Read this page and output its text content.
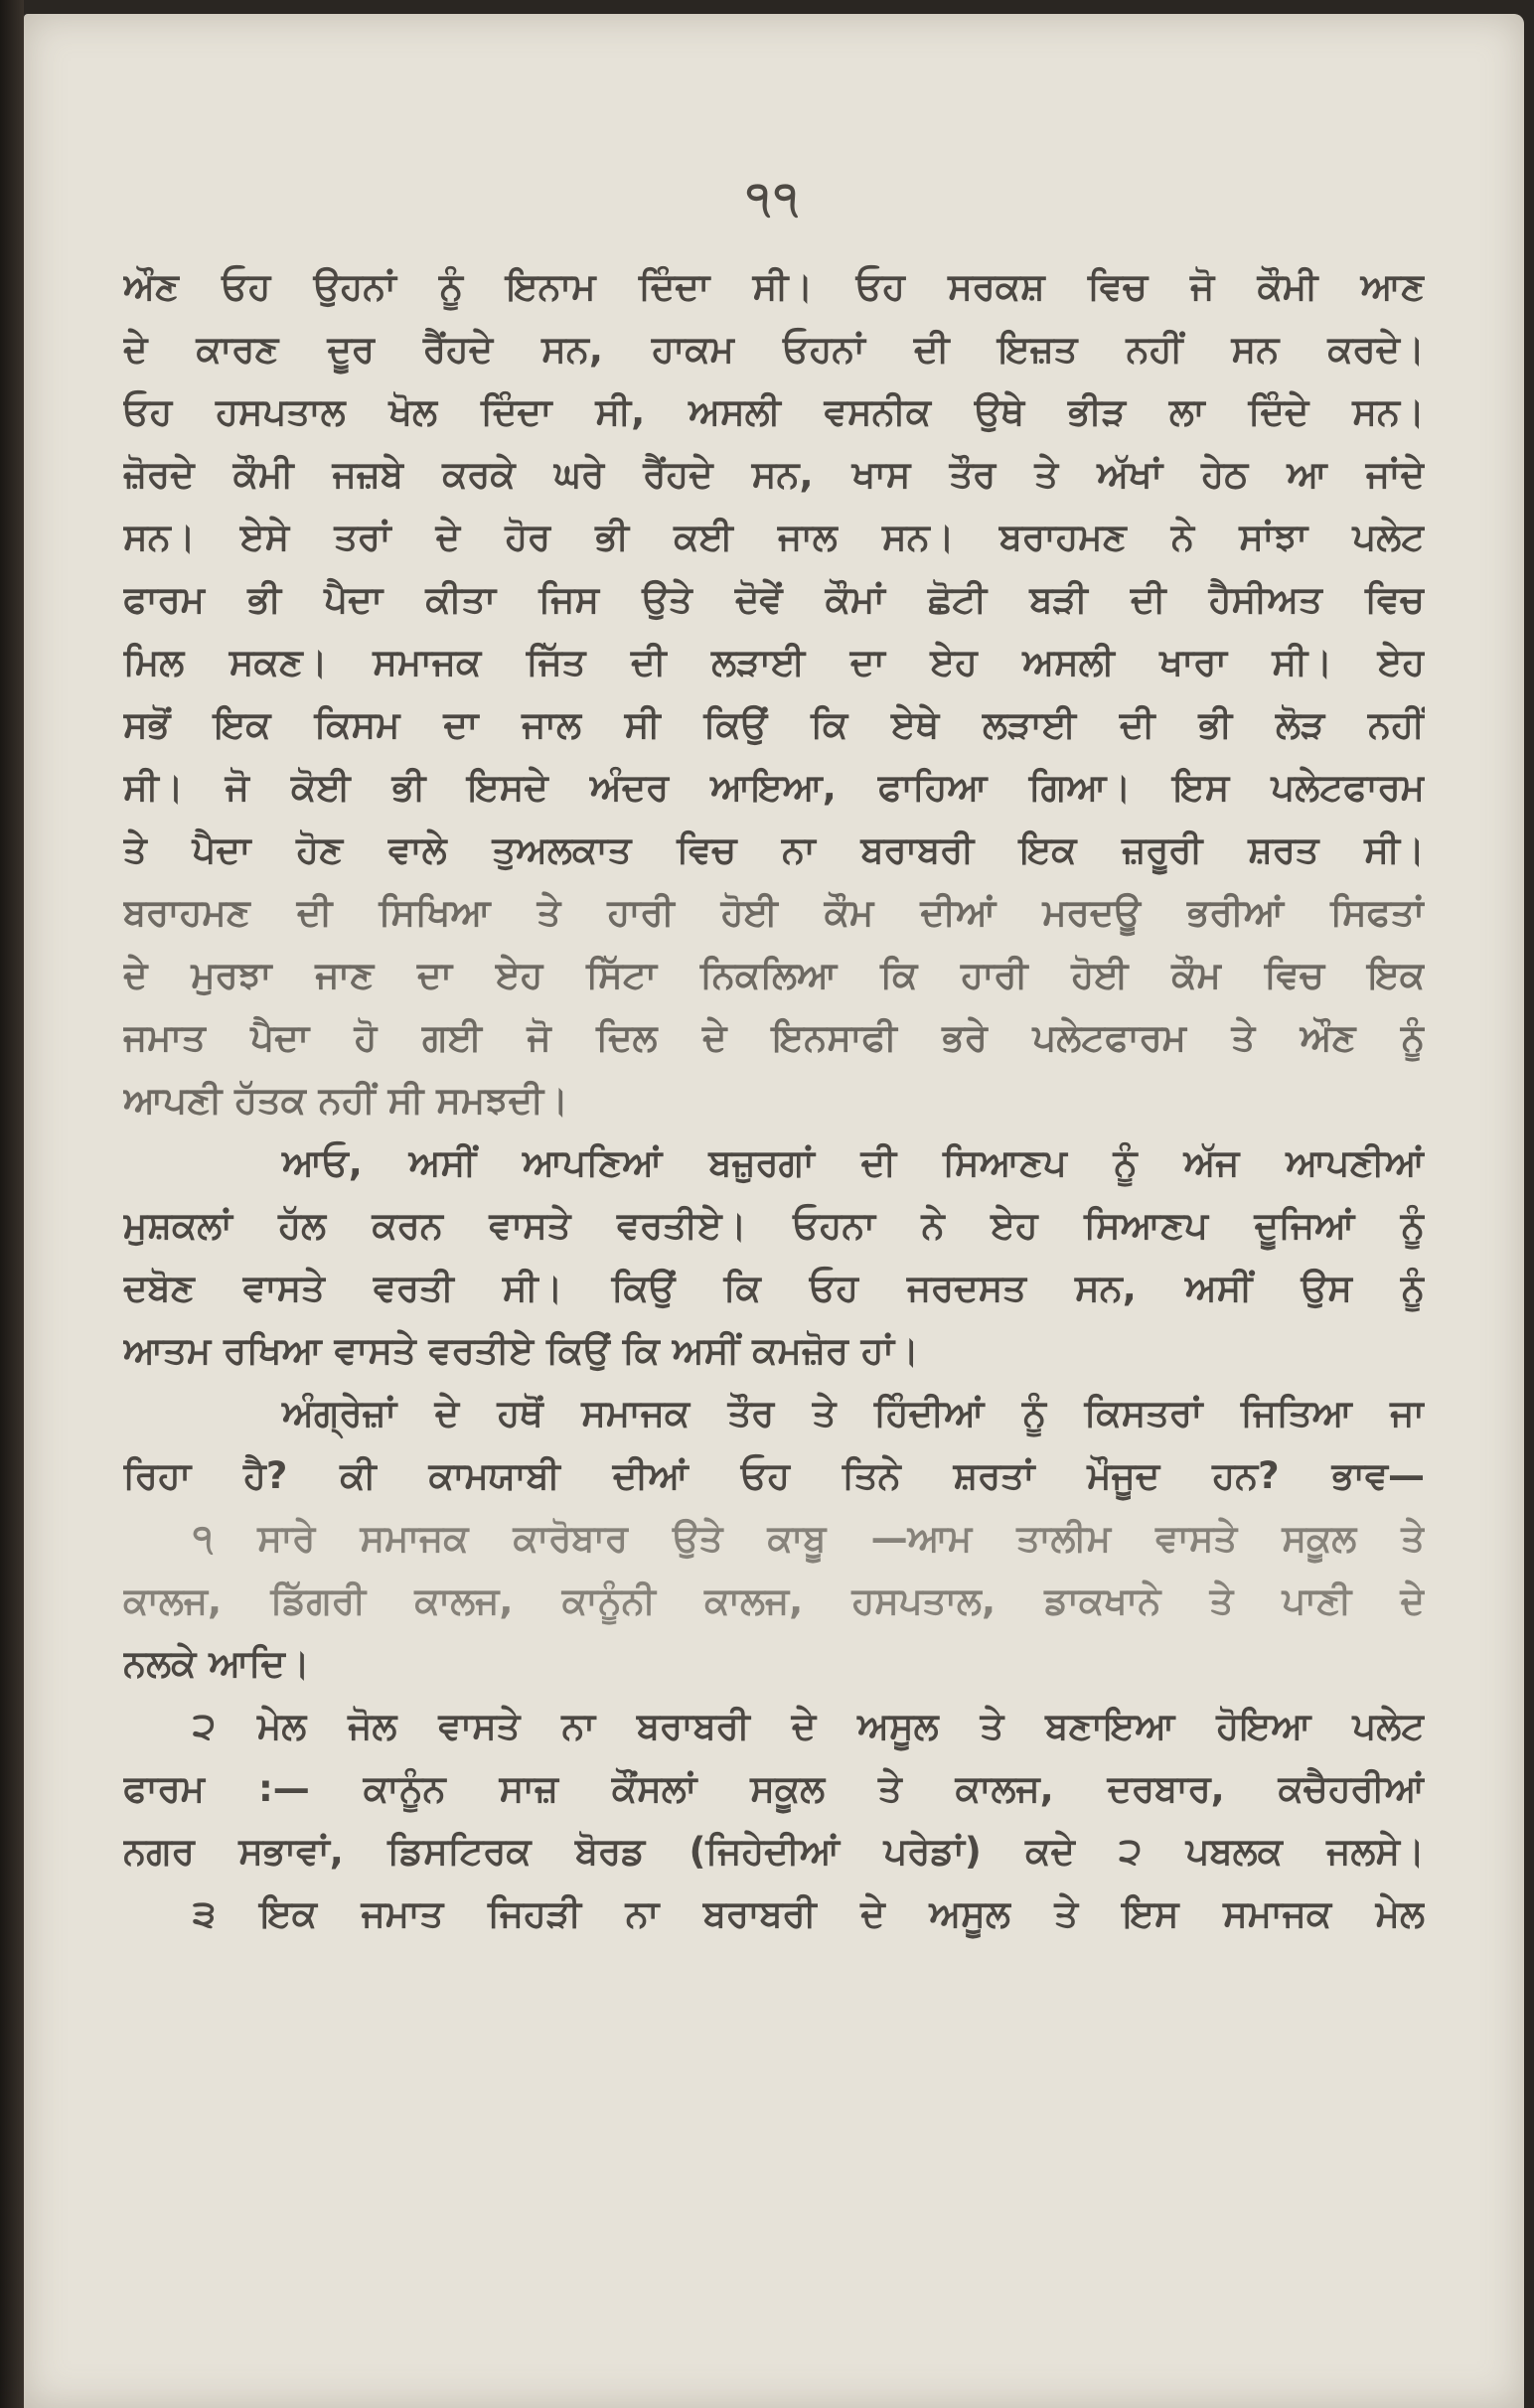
੧੧
ਔਣ ਓਹ ਉਹਨਾਂ ਨੂੰ ਇਨਾਮ ਦਿੰਦਾ ਸੀ। ਓਹ ਸਰਕਸ਼ ਵਿਚ ਜੋ ਕੌਮੀ ਆਣ
ਦੇ ਕਾਰਣ ਦੂਰ ਰੈਂਹਦੇ ਸਨ, ਹਾਕਮ ਓਹਨਾਂ ਦੀ ਇਜ਼ਤ ਨਹੀਂ ਸਨ ਕਰਦੇ।
ਓਹ ਹਸਪਤਾਲ ਖੋਲ ਦਿੰਦਾ ਸੀ, ਅਸਲੀ ਵਸਨੀਕ ਉਥੇ ਭੀੜ ਲਾ ਦਿੰਦੇ ਸਨ।
ਜ਼ੋਰਦੇ ਕੌਮੀ ਜਜ਼ਬੇ ਕਰਕੇ ਘਰੇ ਰੈਂਹਦੇ ਸਨ, ਖਾਸ ਤੌਰ ਤੇ ਅੱਖਾਂ ਹੇਠ ਆ ਜਾਂਦੇ
ਸਨ। ਏਸੇ ਤਰਾਂ ਦੇ ਹੋਰ ਭੀ ਕਈ ਜਾਲ ਸਨ। ਬਰਾਹਮਣ ਨੇ ਸਾਂਝਾ ਪਲੇਟ
ਫਾਰਮ ਭੀ ਪੈਦਾ ਕੀਤਾ ਜਿਸ ਉਤੇ ਦੋਵੇਂ ਕੌਮਾਂ ਛੋਟੀ ਬੜੀ ਦੀ ਹੈਸੀਅਤ ਵਿਚ
ਮਿਲ ਸਕਣ। ਸਮਾਜਕ ਜਿੱਤ ਦੀ ਲੜਾਈ ਦਾ ਏਹ ਅਸਲੀ ਖਾਰਾ ਸੀ। ਏਹ
ਸਭੋਂ ਇਕ ਕਿਸਮ ਦਾ ਜਾਲ ਸੀ ਕਿਉਂ ਕਿ ਏਥੇ ਲੜਾਈ ਦੀ ਭੀ ਲੋੜ ਨਹੀਂ
ਸੀ। ਜੋ ਕੋਈ ਭੀ ਇਸਦੇ ਅੰਦਰ ਆਇਆ, ਫਾਹਿਆ ਗਿਆ। ਇਸ ਪਲੇਟਫਾਰਮ
ਤੇ ਪੈਦਾ ਹੋਣ ਵਾਲੇ ਤੁਅਲਕਾਤ ਵਿਚ ਨਾ ਬਰਾਬਰੀ ਇਕ ਜ਼ਰੂਰੀ ਸ਼ਰਤ ਸੀ।
ਬਰਾਹਮਣ ਦੀ ਸਿਖਿਆ ਤੇ ਹਾਰੀ ਹੋਈ ਕੌਮ ਦੀਆਂ ਮਰਦਊ ਭਰੀਆਂ ਸਿਫਤਾਂ
ਦੇ ਮੁਰਝਾ ਜਾਣ ਦਾ ਏਹ ਸਿੱਟਾ ਨਿਕਲਿਆ ਕਿ ਹਾਰੀ ਹੋਈ ਕੌਮ ਵਿਚ ਇਕ
ਜਮਾਤ ਪੈਦਾ ਹੋ ਗਈ ਜੋ ਦਿਲ ਦੇ ਇਨਸਾਫੀ ਭਰੇ ਪਲੇਟਫਾਰਮ ਤੇ ਔਣ ਨੂੰ
ਆਪਣੀ ਹੱਤਕ ਨਹੀਂ ਸੀ ਸਮਝਦੀ।
ਆਓ, ਅਸੀਂ ਆਪਣਿਆਂ ਬਜ਼ੁਰਗਾਂ ਦੀ ਸਿਆਣਪ ਨੂੰ ਅੱਜ ਆਪਣੀਆਂ
ਮੁਸ਼ਕਲਾਂ ਹੱਲ ਕਰਨ ਵਾਸਤੇ ਵਰਤੀਏ। ਓਹਨਾ ਨੇ ਏਹ ਸਿਆਣਪ ਦੂਜਿਆਂ ਨੂੰ
ਦਬੋਣ ਵਾਸਤੇ ਵਰਤੀ ਸੀ। ਕਿਉਂ ਕਿ ਓਹ ਜਰਦਸਤ ਸਨ, ਅਸੀਂ ਉਸ ਨੂੰ
ਆਤਮ ਰਖਿਆ ਵਾਸਤੇ ਵਰਤੀਏ ਕਿਉਂ ਕਿ ਅਸੀਂ ਕਮਜ਼ੋਰ ਹਾਂ।
ਅੰਗ੍ਰੇਜ਼ਾਂ ਦੇ ਹਥੋਂ ਸਮਾਜਕ ਤੌਰ ਤੇ ਹਿੰਦੀਆਂ ਨੂੰ ਕਿਸਤਰਾਂ ਜਿਤਿਆ ਜਾ
ਰਿਹਾ ਹੈ? ਕੀ ਕਾਮਯਾਬੀ ਦੀਆਂ ਓਹ ਤਿਨੇ ਸ਼ਰਤਾਂ ਮੌਜੂਦ ਹਨ? ਭਾਵ—
੧ ਸਾਰੇ ਸਮਾਜਕ ਕਾਰੋਬਾਰ ਉਤੇ ਕਾਬੂ —ਆਮ ਤਾਲੀਮ ਵਾਸਤੇ ਸਕੂਲ ਤੇ
ਕਾਲਜ, ਡਿੱਗਰੀ ਕਾਲਜ, ਕਾਨੂੰਨੀ ਕਾਲਜ, ਹਸਪਤਾਲ, ਡਾਕਖਾਨੇ ਤੇ ਪਾਣੀ ਦੇ
ਨਲਕੇ ਆਦਿ।
੨ ਮੇਲ ਜੋਲ ਵਾਸਤੇ ਨਾ ਬਰਾਬਰੀ ਦੇ ਅਸੂਲ ਤੇ ਬਣਾਇਆ ਹੋਇਆ ਪਲੇਟ
ਫਾਰਮ :— ਕਾਨੂੰਨ ਸਾਜ਼ ਕੌਂਸਲਾਂ ਸਕੂਲ ਤੇ ਕਾਲਜ, ਦਰਬਾਰ, ਕਚੈਹਰੀਆਂ
ਨਗਰ ਸਭਾਵਾਂ, ਡਿਸਟਿਰਕ ਬੋਰਡ (ਜਿਹੇਦੀਆਂ ਪਰੇਡਾਂ) ਕਦੇ ੨ ਪਬਲਕ ਜਲਸੇ।
੩ ਇਕ ਜਮਾਤ ਜਿਹੜੀ ਨਾ ਬਰਾਬਰੀ ਦੇ ਅਸੂਲ ਤੇ ਇਸ ਸਮਾਜਕ ਮੇਲ
